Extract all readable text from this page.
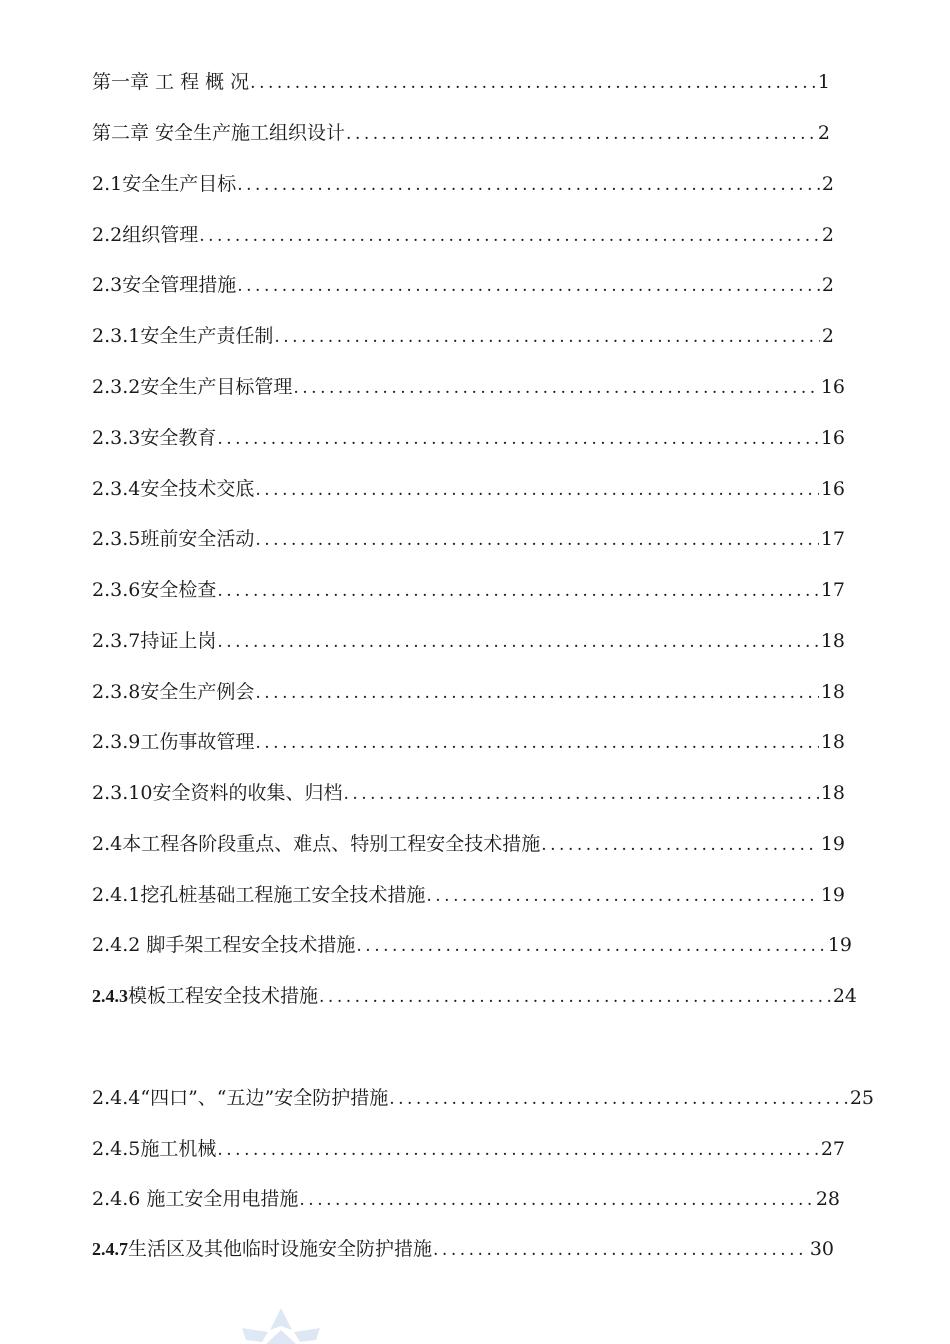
第一章 工 程 概 况 .....	1
第二章 安全生产施工组织设计 .....	2
2.1安全生产目标 .....	2
2.2组织管理 .....	2
2.3安全管理措施 .....	2
2.3.1安全生产责任制 .....	2
2.3.2安全生产目标管理 .....	16
2.3.3安全教育 .....	16
2.3.4安全技术交底 .....	16
2.3.5班前安全活动 .....	17
2.3.6安全检查 .....	17
2.3.7持证上岗 .....	18
2.3.8安全生产例会 .....	18
2.3.9工伤事故管理 .....	18
2.3.10安全资料的收集、归档 .....	18
2.4本工程各阶段重点、难点、特别工程安全技术措施 .....	19
2.4.1挖孔桩基础工程施工安全技术措施 .....	19
2.4.2 脚手架工程安全技术措施 .....	19
2.4.3模板工程安全技术措施 .....	24
2.4.4“四口”、“五边”安全防护措施 .....	25
2.4.5施工机械 .....	27
2.4.6 施工安全用电措施 .....	28
2.4.7生活区及其他临时设施安全防护措施 .....	30
